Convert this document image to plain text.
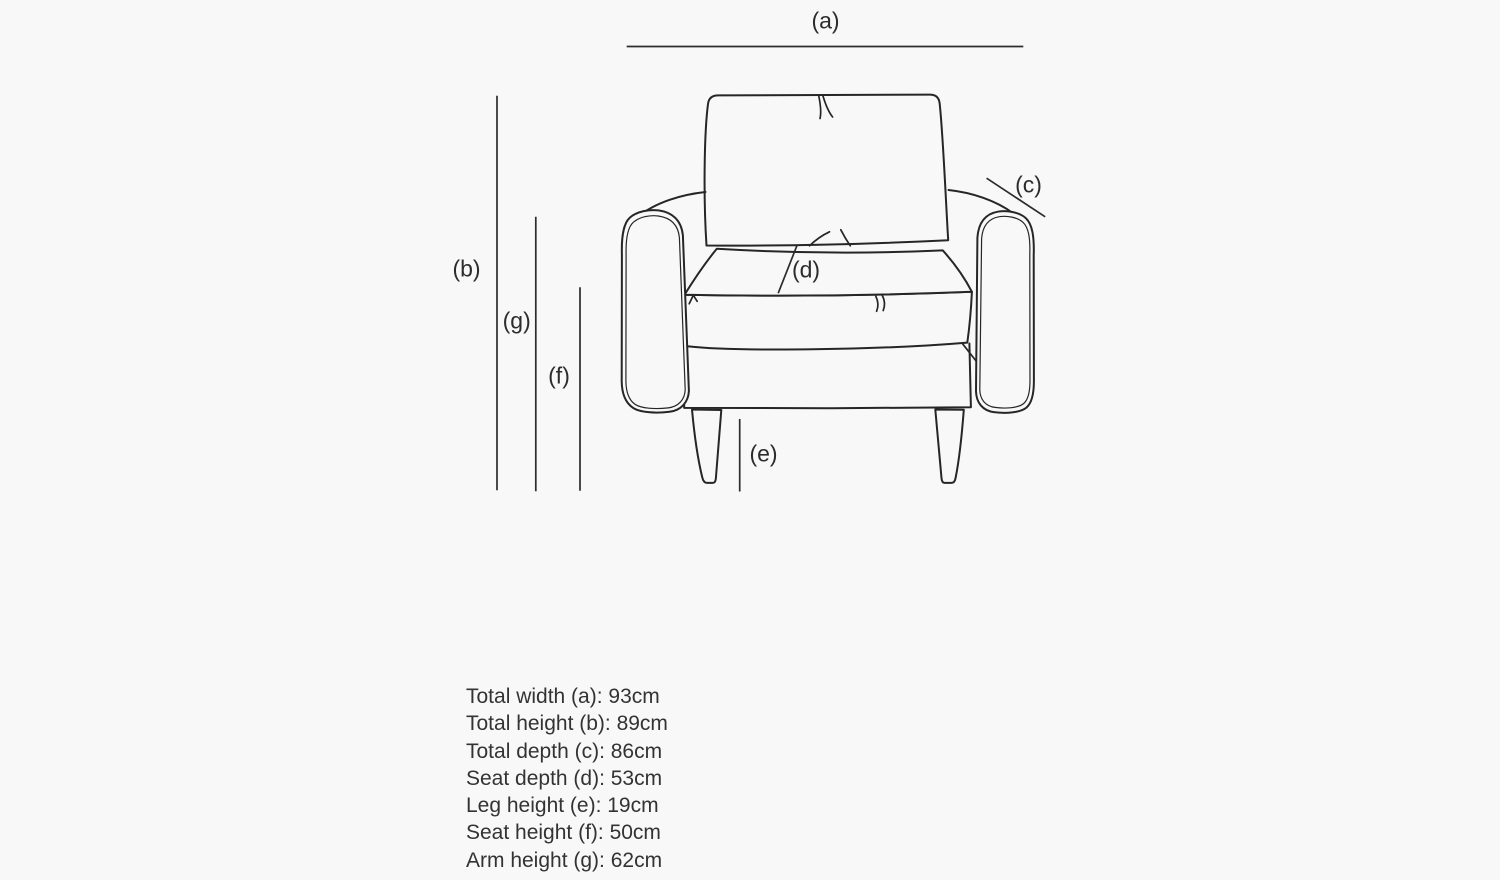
(a)
(b)
(c)
(d)
(e)
(f)
(g)
Total width (a): 93cm
Total height (b): 89cm
Total depth (c): 86cm
Seat depth (d): 53cm
Leg height (e): 19cm
Seat height (f): 50cm
Arm height (g): 62cm
